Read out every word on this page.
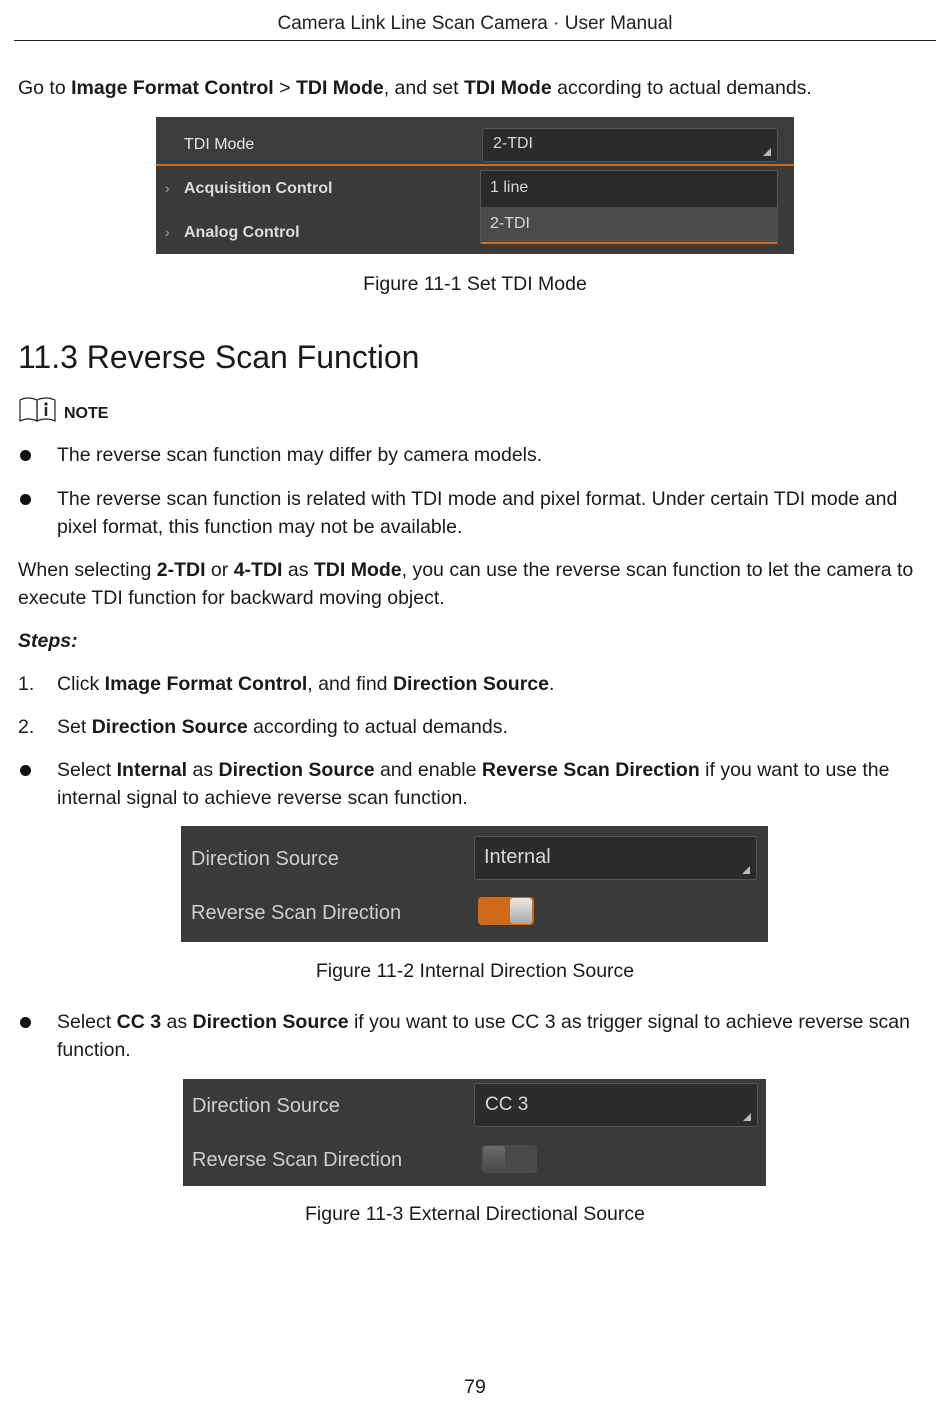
Camera Link Line Scan Camera · User Manual
Go to Image Format Control > TDI Mode, and set TDI Mode according to actual demands.
TDI Mode	2-TDI
› Acquisition Control
› Analog Control
1 line
2-TDI
Figure 11-1 Set TDI Mode
11.3 Reverse Scan Function
NOTE
The reverse scan function may differ by camera models.
The reverse scan function is related with TDI mode and pixel format. Under certain TDI mode and pixel format, this function may not be available.
When selecting 2-TDI or 4-TDI as TDI Mode, you can use the reverse scan function to let the camera to execute TDI function for backward moving object.
Steps:
1. Click Image Format Control, and find Direction Source.
2. Set Direction Source according to actual demands.
Select Internal as Direction Source and enable Reverse Scan Direction if you want to use the internal signal to achieve reverse scan function.
Direction Source	Internal
Reverse Scan Direction
Figure 11-2 Internal Direction Source
Select CC 3 as Direction Source if you want to use CC 3 as trigger signal to achieve reverse scan function.
Direction Source	CC 3
Reverse Scan Direction
Figure 11-3 External Directional Source
79
